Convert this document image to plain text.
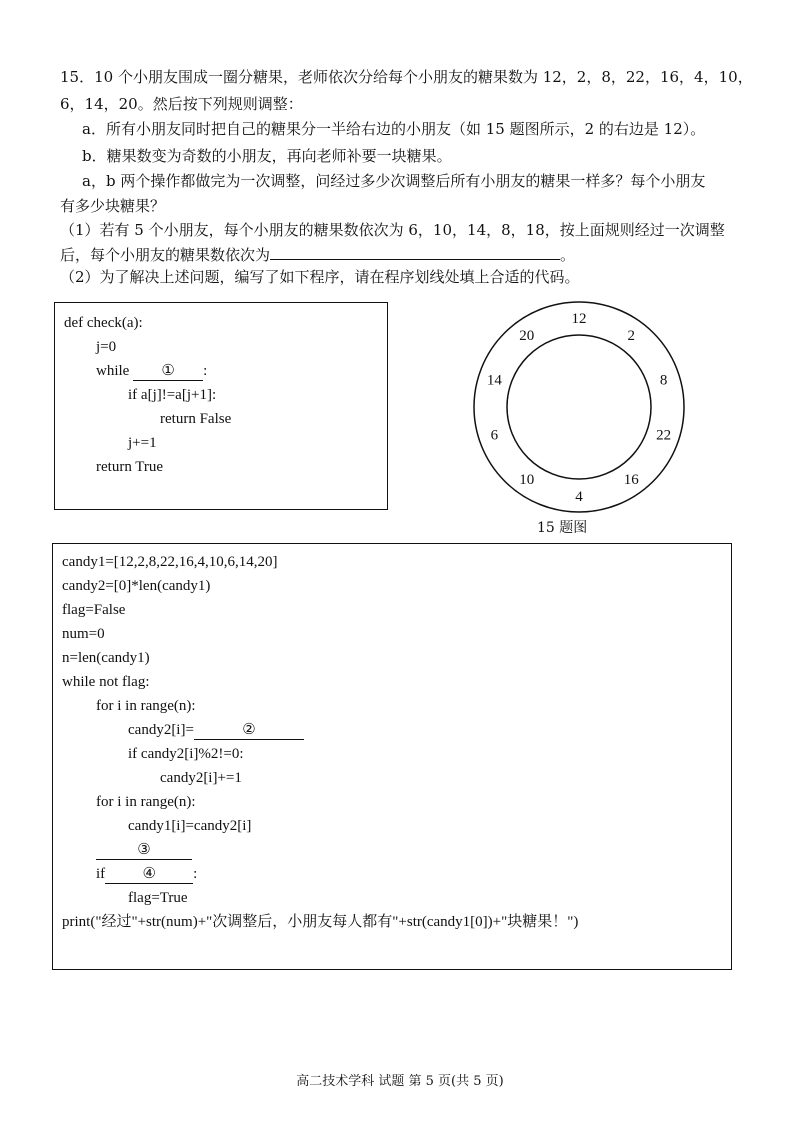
15．10 个小朋友围成一圈分糖果，老师依次分给每个小朋友的糖果数为 12，2，8，22，16，4，10，
6，14，20。然后按下列规则调整：
a．所有小朋友同时把自己的糖果分一半给右边的小朋友（如 15 题图所示，2 的右边是 12）。
b．糖果数变为奇数的小朋友，再向老师补要一块糖果。
a，b 两个操作都做完为一次调整，问经过多少次调整后所有小朋友的糖果一样多？每个小朋友
有多少块糖果？
（1）若有 5 个小朋友，每个小朋友的糖果数依次为 6，10，14，8，18，按上面规则经过一次调整
后，每个小朋友的糖果数依次为	。
（2）为了解决上述问题，编写了如下程序，请在程序划线处填上合适的代码。
def check(a):
j=0
while ① :
if a[j]!=a[j+1]:
return False
j+=1
return True
12
2
8
22
16
4
10
6
14
20
15 题图
candy1=[12,2,8,22,16,4,10,6,14,20]
candy2=[0]*len(candy1)
flag=False
num=0
n=len(candy1)
while not flag:
for i in range(n):
candy2[i]=	②
if candy2[i]%2!=0:
candy2[i]+=1
for i in range(n):
candy1[i]=candy2[i]
③
if ④ :
flag=True
print("经过"+str(num)+"次调整后，小朋友每人都有"+str(candy1[0])+"块糖果！")
高二技术学科 试题 第 5 页(共 5 页)
